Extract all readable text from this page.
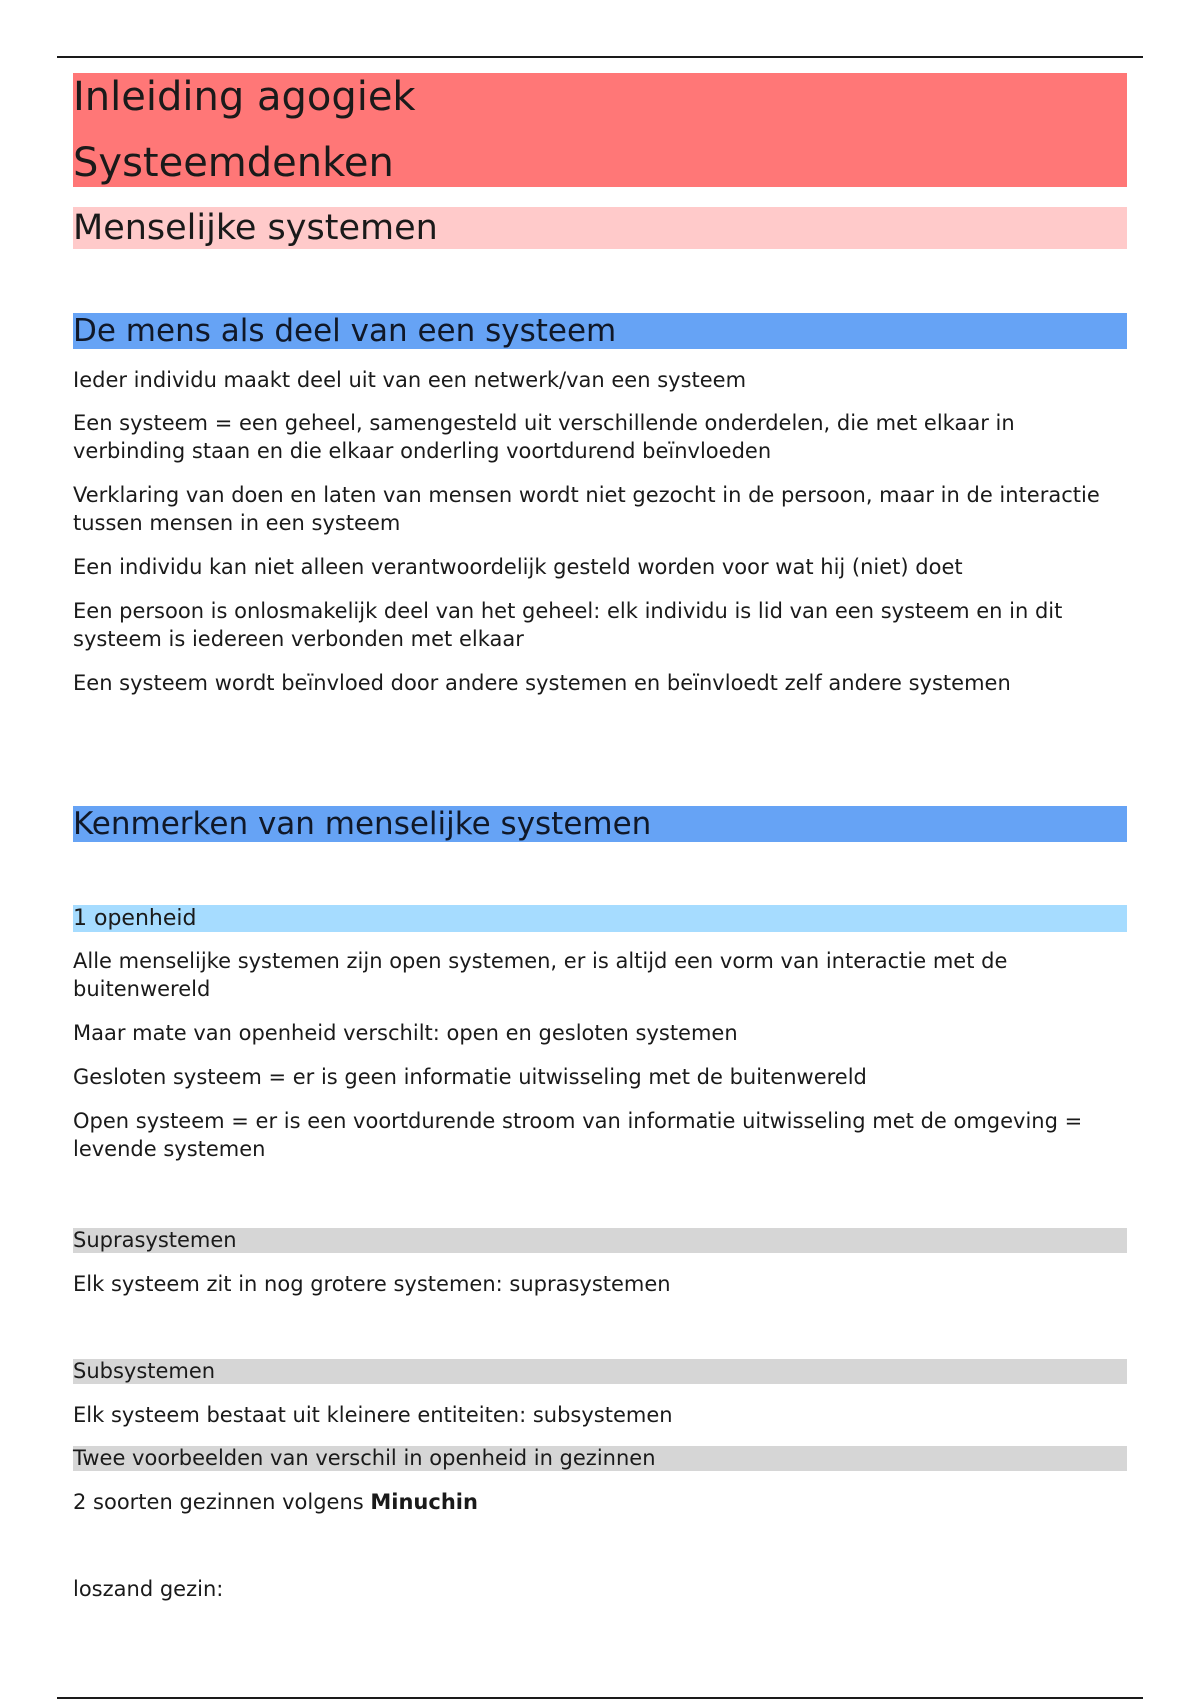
Inleiding agogiek
Systeemdenken
Menselijke systemen
De mens als deel van een systeem

Ieder individu maakt deel uit van een netwerk/van een systeem

Een systeem = een geheel, samengesteld uit verschillende onderdelen, die met elkaar in verbinding staan en die elkaar onderling voortdurend beïnvloeden

Verklaring van doen en laten van mensen wordt niet gezocht in de persoon, maar in de interactie tussen mensen in een systeem

Een individu kan niet alleen verantwoordelijk gesteld worden voor wat hij (niet) doet

Een persoon is onlosmakelijk deel van het geheel: elk individu is lid van een systeem en in dit systeem is iedereen verbonden met elkaar

Een systeem wordt beïnvloed door andere systemen en beïnvloedt zelf andere systemen

Kenmerken van menselijke systemen
1 openheid

Alle menselijke systemen zijn open systemen, er is altijd een vorm van interactie met de buitenwereld

Maar mate van openheid verschilt: open en gesloten systemen

Gesloten systeem = er is geen informatie uitwisseling met de buitenwereld

Open systeem = er is een voortdurende stroom van informatie uitwisseling met de omgeving = levende systemen

Suprasystemen

Elk systeem zit in nog grotere systemen: suprasystemen

Subsystemen

Elk systeem bestaat uit kleinere entiteiten: subsystemen

Twee voorbeelden van verschil in openheid in gezinnen

2 soorten gezinnen volgens Minuchin

loszand gezin:
